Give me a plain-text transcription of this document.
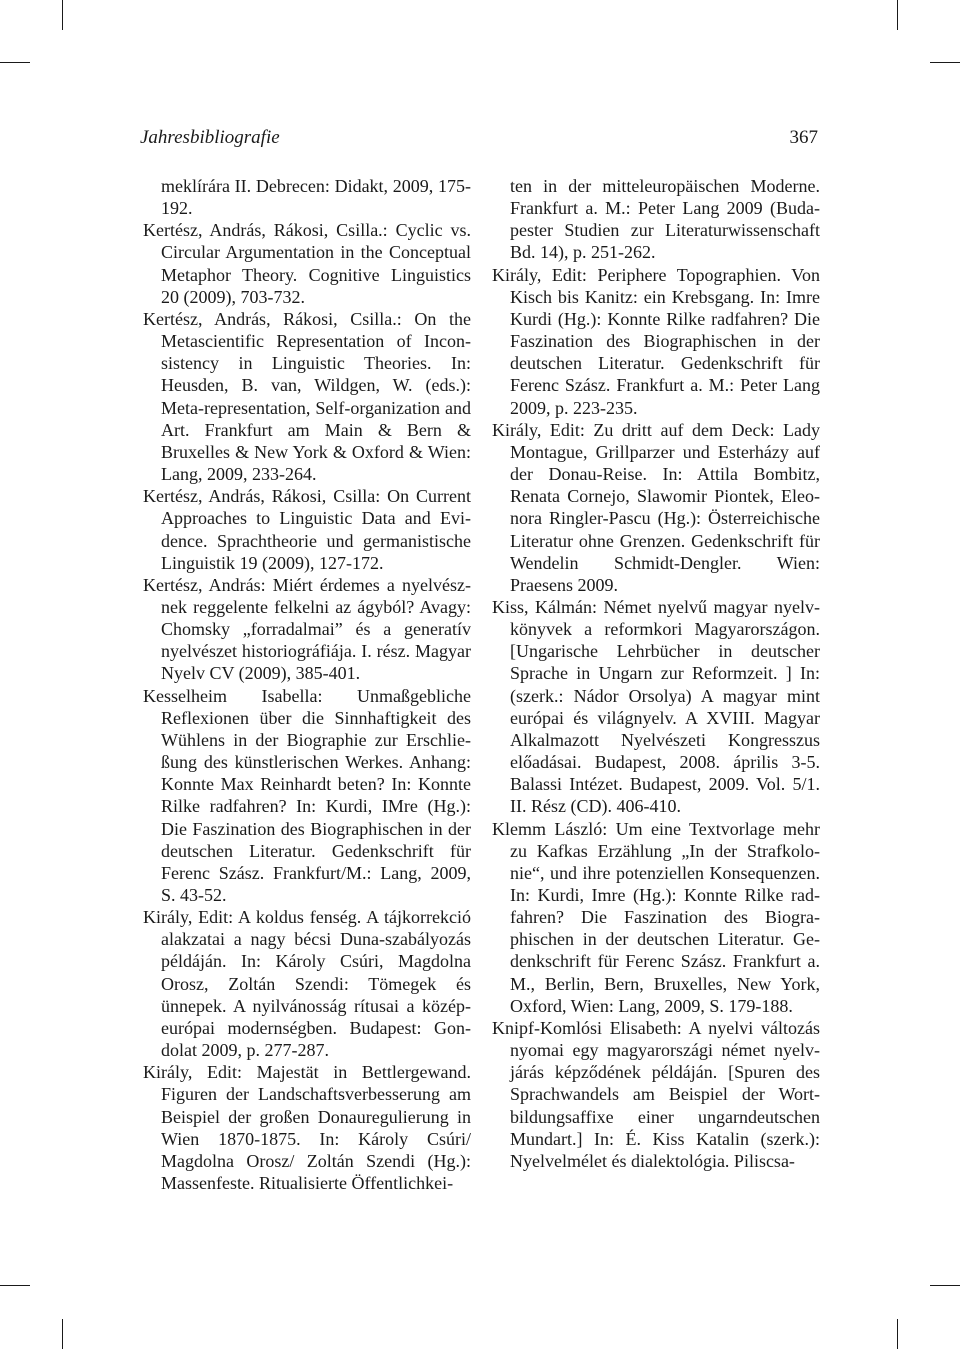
Jahresbibliografie	367

meklírára II. Debrecen: Didakt, 2009, 175-192.

Kertész, András, Rákosi, Csilla.: Cyclic vs. Circular Argumentation in the Conceptual Metaphor Theory. Cognitive Linguistics 20 (2009), 703-732.

Kertész, András, Rákosi, Csilla.: On the Metascientific Representation of Inconsistency in Linguistic Theories. In: Heusden, B. van, Wildgen, W. (eds.): Meta-representation, Self-organization and Art. Frankfurt am Main & Bern & Bruxelles & New York & Oxford & Wien: Lang, 2009, 233-264.

Kertész, András, Rákosi, Csilla: On Current Approaches to Linguistic Data and Evidence. Sprachtheorie und germanistische Linguistik 19 (2009), 127-172.

Kertész, András: Miért érdemes a nyelvésznek reggelente felkelni az ágyból? Avagy: Chomsky „forradalmai” és a generatív nyelvészet historiográfiája. I. rész. Magyar Nyelv CV (2009), 385-401.

Kesselheim Isabella: Unmaßgebliche Reflexionen über die Sinnhaftigkeit des Wühlens in der Biographie zur Erschließung des künstlerischen Werkes. Anhang: Konnte Max Reinhardt beten? In: Konnte Rilke radfahren? In: Kurdi, IMre (Hg.): Die Faszination des Biographischen in der deutschen Literatur. Gedenkschrift für Ferenc Szász. Frankfurt/M.: Lang, 2009, S. 43-52.

Király, Edit: A koldus fenség. A tájkorrekció alakzatai a nagy bécsi Duna-szabályozás példáján. In: Károly Csúri, Magdolna Orosz, Zoltán Szendi: Tömegek és ünnepek. A nyilvánosság rítusai a középeurópai modernségben. Budapest: Gondolat 2009, p. 277-287.

Király, Edit: Majestät in Bettlergewand. Figuren der Landschaftsverbesserung am Beispiel der großen Donauregulierung in Wien 1870-1875. In: Károly Csúri/ Magdolna Orosz/ Zoltán Szendi (Hg.): Massenfeste. Ritualisierte Öffentlichkei-

ten in der mitteleuropäischen Moderne. Frankfurt a. M.: Peter Lang 2009 (Budapester Studien zur Literaturwissenschaft Bd. 14), p. 251-262.

Király, Edit: Periphere Topographien. Von Kisch bis Kanitz: ein Krebsgang. In: Imre Kurdi (Hg.): Konnte Rilke radfahren? Die Faszination des Biographischen in der deutschen Literatur. Gedenkschrift für Ferenc Szász. Frankfurt a. M.: Peter Lang 2009, p. 223-235.

Király, Edit: Zu dritt auf dem Deck: Lady Montague, Grillparzer und Esterházy auf der Donau-Reise. In: Attila Bombitz, Renata Cornejo, Slawomir Piontek, Eleonora Ringler-Pascu (Hg.): Österreichische Literatur ohne Grenzen. Gedenkschrift für Wendelin Schmidt-Dengler. Wien: Praesens 2009.

Kiss, Kálmán: Német nyelvű magyar nyelvkönyvek a reformkori Magyarországon. [Ungarische Lehrbücher in deutscher Sprache in Ungarn zur Reformzeit. ] In: (szerk.: Nádor Orsolya) A magyar mint európai és világnyelv. A XVIII. Magyar Alkalmazott Nyelvészeti Kongresszus előadásai. Budapest, 2008. április 3-5. Balassi Intézet. Budapest, 2009. Vol. 5/1. II. Rész (CD). 406-410.

Klemm László: Um eine Textvorlage mehr zu Kafkas Erzählung „In der Strafkolonie“, und ihre potenziellen Konsequenzen. In: Kurdi, Imre (Hg.): Konnte Rilke radfahren? Die Faszination des Biographischen in der deutschen Literatur. Gedenkschrift für Ferenc Szász. Frankfurt a. M., Berlin, Bern, Bruxelles, New York, Oxford, Wien: Lang, 2009, S. 179-188.

Knipf-Komlósi Elisabeth: A nyelvi változás nyomai egy magyarországi német nyelvjárás képződének példáján. [Spuren des Sprachwandels am Beispiel der Wortbildungsaffixe einer ungarndeutschen Mundart.] In: É. Kiss Katalin (szerk.): Nyelvelmélet és dialektológia. Piliscsa-
